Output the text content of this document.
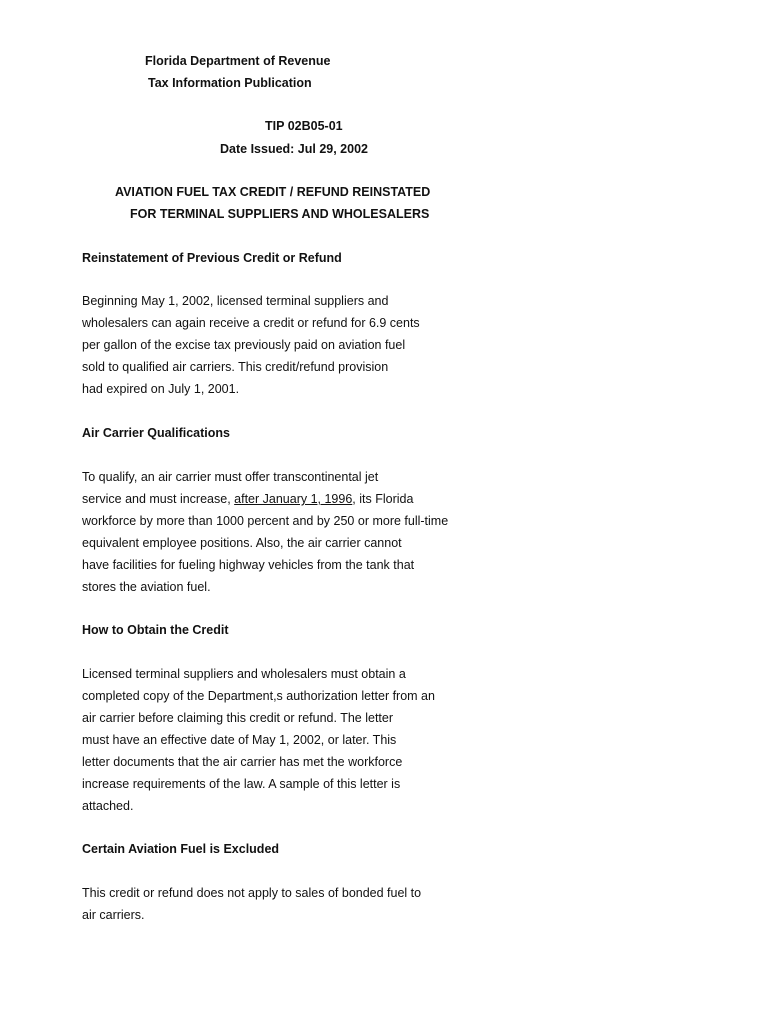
Florida Department of Revenue
Tax Information Publication
TIP 02B05-01
Date Issued: Jul 29, 2002
AVIATION FUEL TAX CREDIT / REFUND REINSTATED
FOR TERMINAL SUPPLIERS AND WHOLESALERS
Reinstatement of Previous Credit or Refund
Beginning May 1, 2002, licensed terminal suppliers and
wholesalers can again receive a credit or refund for 6.9 cents
per gallon of the excise tax previously paid on aviation fuel
sold to qualified air carriers. This credit/refund provision
had expired on July 1, 2001.
Air Carrier Qualifications
To qualify, an air carrier must offer transcontinental jet
service and must increase, after January 1, 1996, its Florida
workforce by more than 1000 percent and by 250 or more full-time
equivalent employee positions. Also, the air carrier cannot
have facilities for fueling highway vehicles from the tank that
stores the aviation fuel.
How to Obtain the Credit
Licensed terminal suppliers and wholesalers must obtain a
completed copy of the Department,s authorization letter from an
air carrier before claiming this credit or refund. The letter
must have an effective date of May 1, 2002, or later. This
letter documents that the air carrier has met the workforce
increase requirements of the law. A sample of this letter is
attached.
Certain Aviation Fuel is Excluded
This credit or refund does not apply to sales of bonded fuel to
air carriers.
